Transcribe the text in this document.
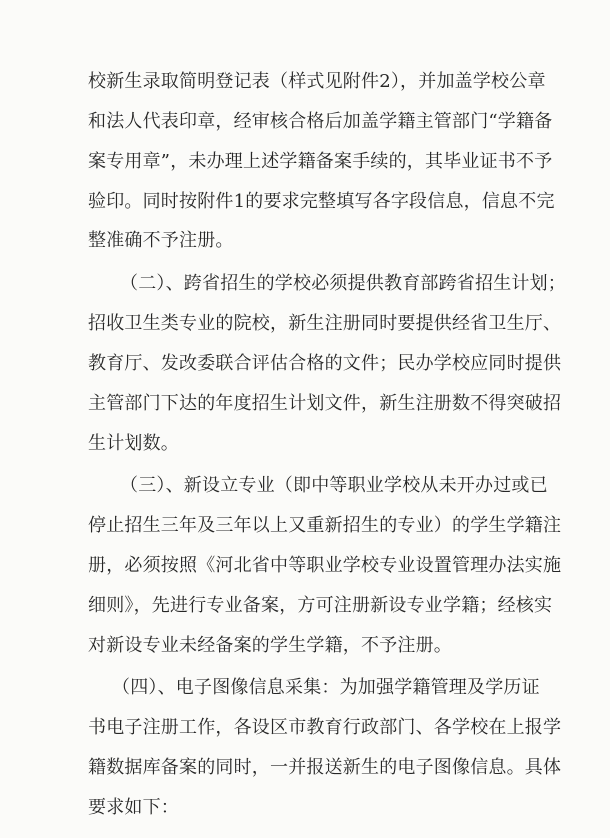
校新生录取简明登记表（样式见附件2），并加盖学校公章
和法人代表印章，经审核合格后加盖学籍主管部门“学籍备
案专用章”，未办理上述学籍备案手续的，其毕业证书不予
验印。同时按附件1的要求完整填写各字段信息，信息不完
整准确不予注册。
（二）、跨省招生的学校必须提供教育部跨省招生计划；
招收卫生类专业的院校，新生注册同时要提供经省卫生厅、
教育厅、发改委联合评估合格的文件；民办学校应同时提供
主管部门下达的年度招生计划文件，新生注册数不得突破招
生计划数。
（三）、新设立专业（即中等职业学校从未开办过或已
停止招生三年及三年以上又重新招生的专业）的学生学籍注
册，必须按照《河北省中等职业学校专业设置管理办法实施
细则》，先进行专业备案，方可注册新设专业学籍；经核实
对新设专业未经备案的学生学籍，不予注册。
（四）、电子图像信息采集：为加强学籍管理及学历证
书电子注册工作，各设区市教育行政部门、各学校在上报学
籍数据库备案的同时，一并报送新生的电子图像信息。具体
要求如下：
